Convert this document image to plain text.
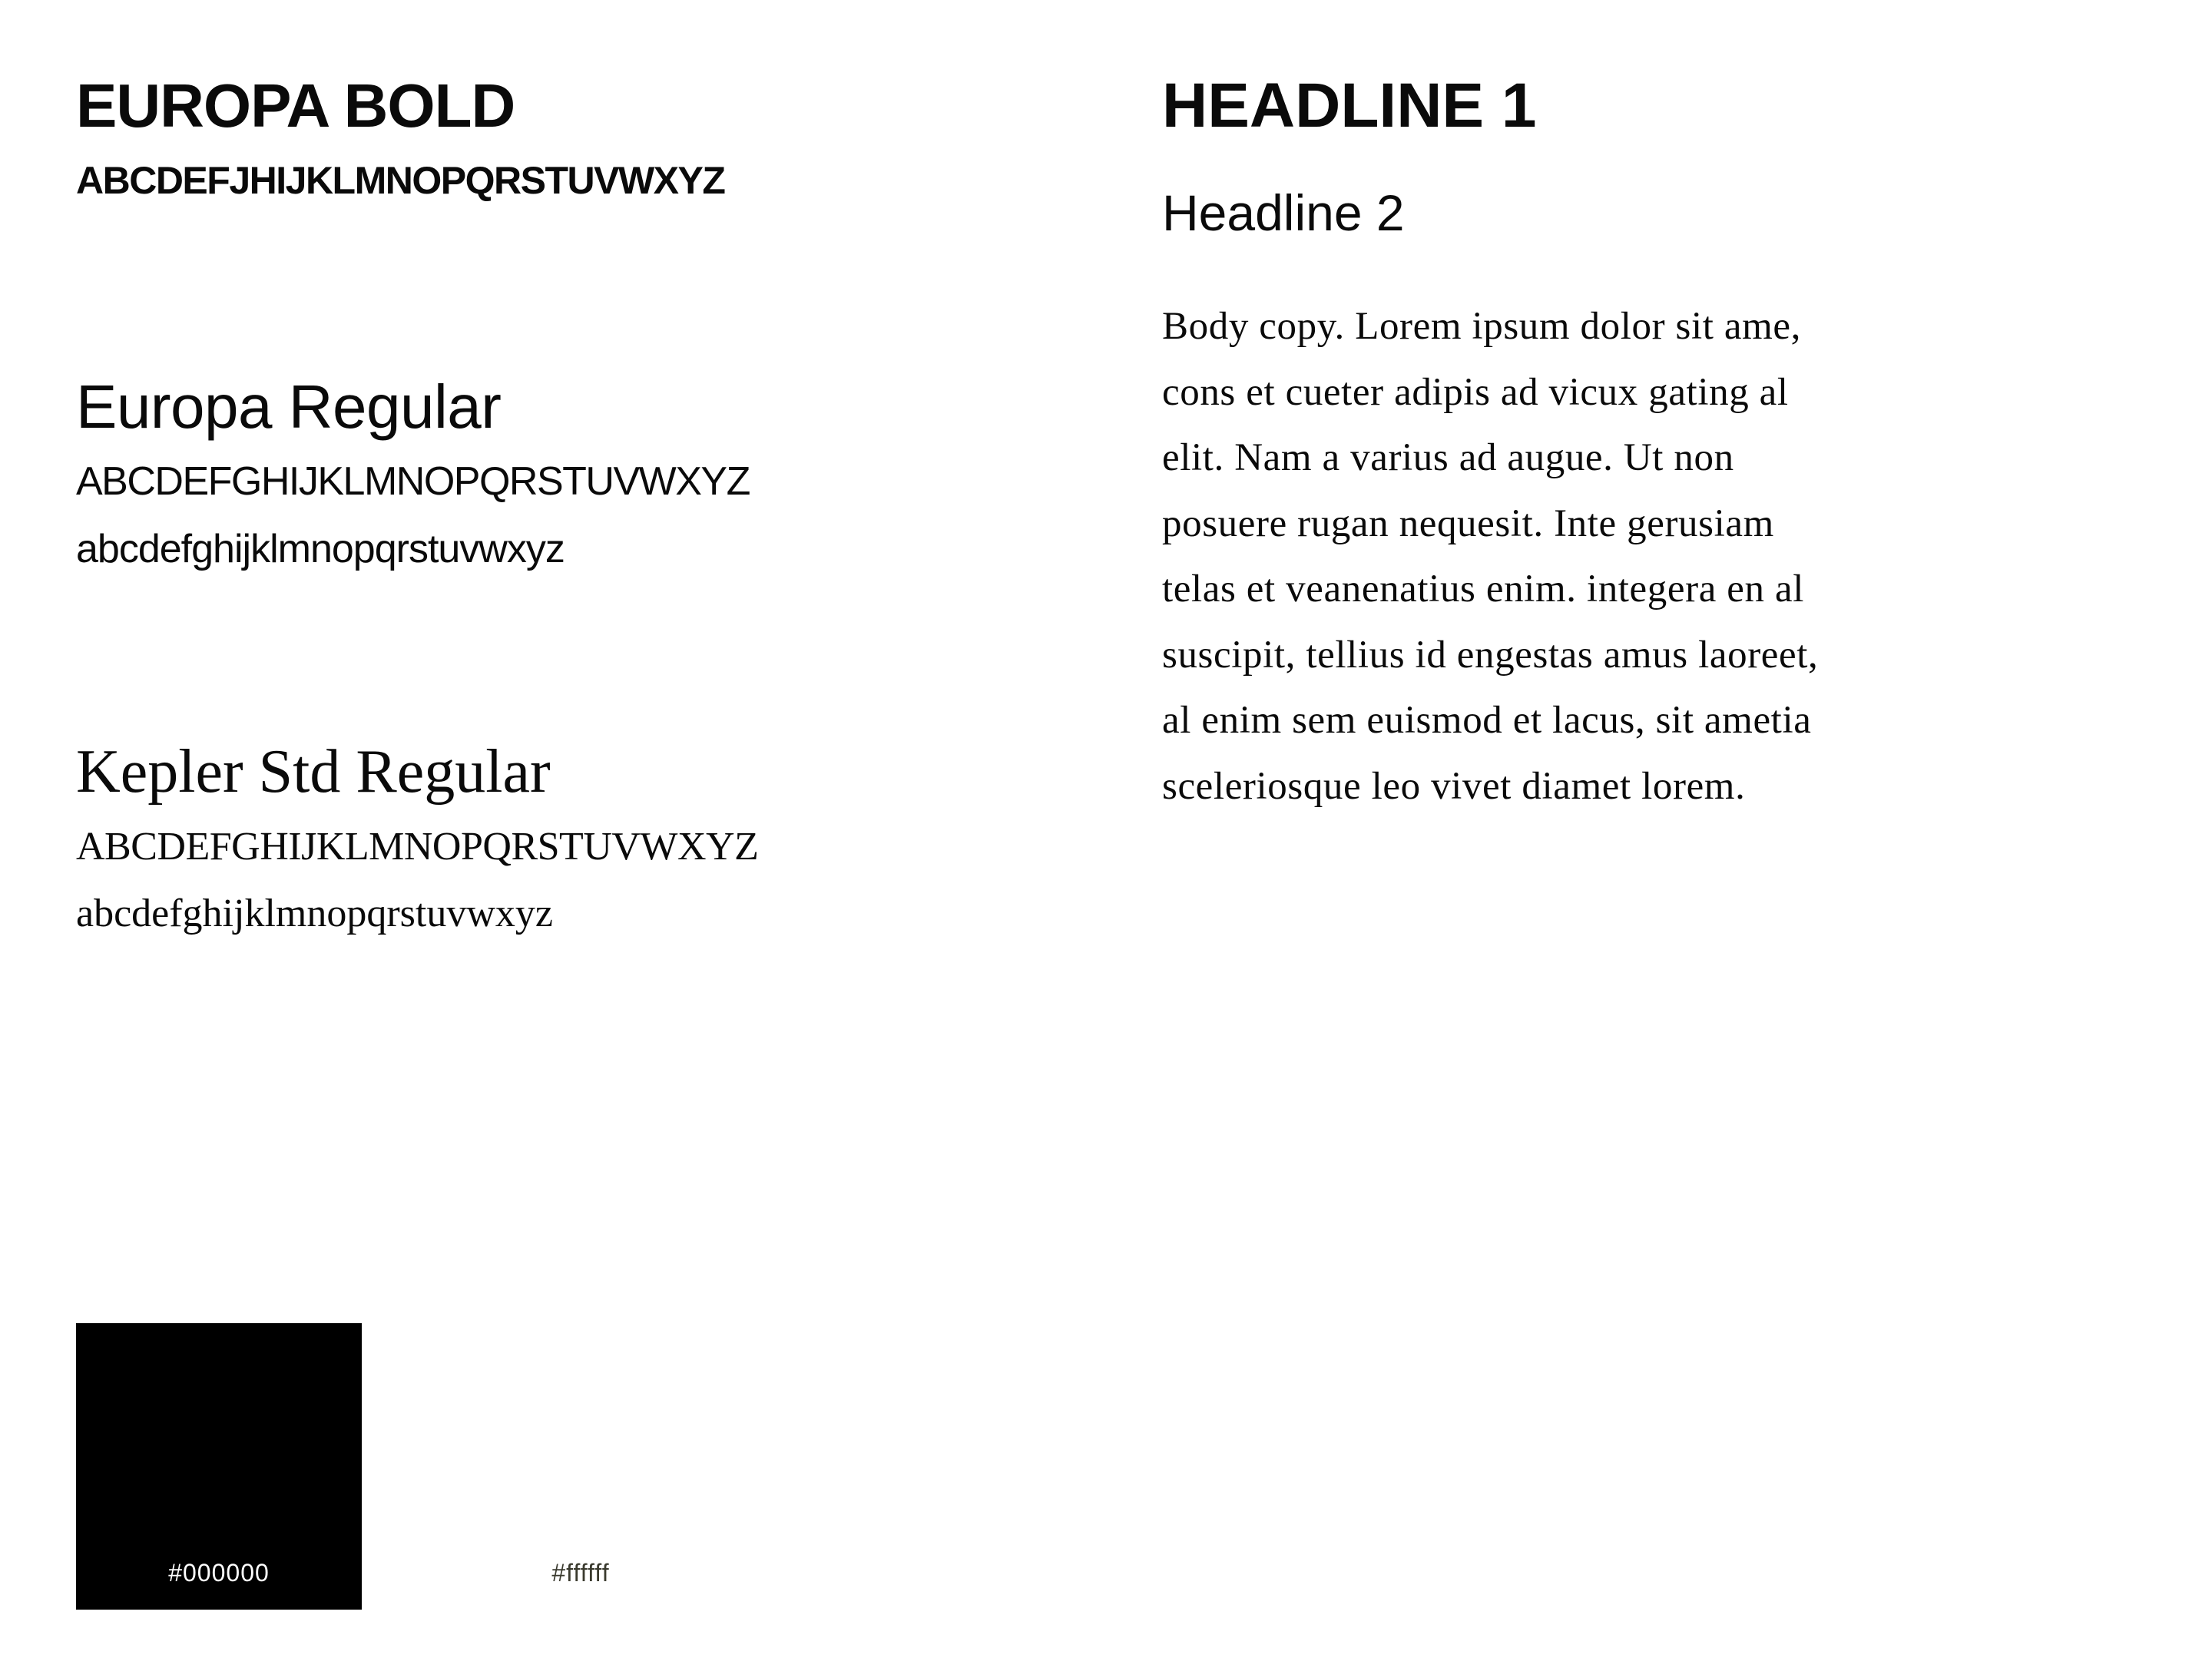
EUROPA BOLD
ABCDEFJHIJKLMNOPQRSTUVWXYZ
Europa Regular
ABCDEFGHIJKLMNOPQRSTUVWXYZ
abcdefghijklmnopqrstuvwxyz
Kepler Std Regular
ABCDEFGHIJKLMNOPQRSTUVWXYZ
abcdefghijklmnopqrstuvwxyz
HEADLINE 1
Headline 2

Body copy. Lorem ipsum dolor sit ame, cons et cueter adipis ad vicux gating al elit. Nam a varius ad augue. Ut non posuere rugan nequesit. Inte gerusiam telas et veanenatius enim. integera en al suscipit, tellius id engestas amus laoreet, al enim sem euismod et lacus, sit ametia sceleriosque leo vivet diamet lorem.

#000000	#ffffff
